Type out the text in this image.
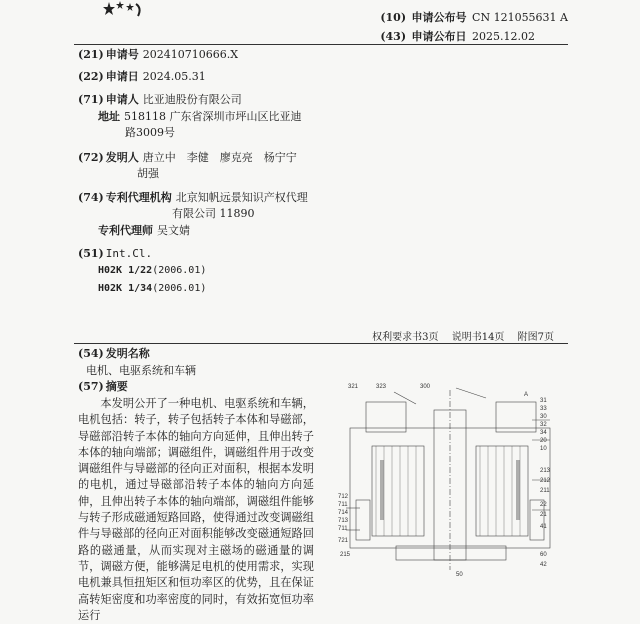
(10) 申请公布号 CN 121055631 A
(43) 申请公布日 2025.12.02
(21) 申请号 202410710666.X
(22) 申请日 2024.05.31
(71) 申请人 比亚迪股份有限公司
地址 518118 广东省深圳市坪山区比亚迪
路3009号
(72) 发明人 唐立中　李健　廖克亮　杨宁宁
胡强
(74) 专利代理机构 北京知帆远景知识产权代理
有限公司 11890
专利代理师 吴文婧
(51) Int.Cl.
H02K 1/22(2006.01)
H02K 1/34(2006.01)
权利要求书3页 说明书14页 附图7页
(54) 发明名称
电机、电驱系统和车辆
(57) 摘要

本发明公开了一种电机、电驱系统和车辆，电机包括：转子，转子包括转子本体和导磁部，导磁部沿转子本体的轴向方向延伸，且伸出转子本体的轴向端部；调磁组件，调磁组件用于改变调磁组件与导磁部的径向正对面积，根据本发明的电机，通过导磁部沿转子本体的轴向方向延伸，且伸出转子本体的轴向端部，调磁组件能够与转子形成磁通短路回路，使得通过改变调磁组件与导磁部的径向正对面积能够改变磁通短路回路的磁通量，从而实现对主磁场的磁通量的调节，调磁方便，能够满足电机的使用需求，实现电机兼具恒扭矩区和恒功率区的优势，且在保证高转矩密度和功率密度的同时，有效拓宽恒功率运行

321	323	300
31
33
30
32
34
20
10
A
213
212
211
22
21
712
711
714
713
711
721
41
50
215	60
42
